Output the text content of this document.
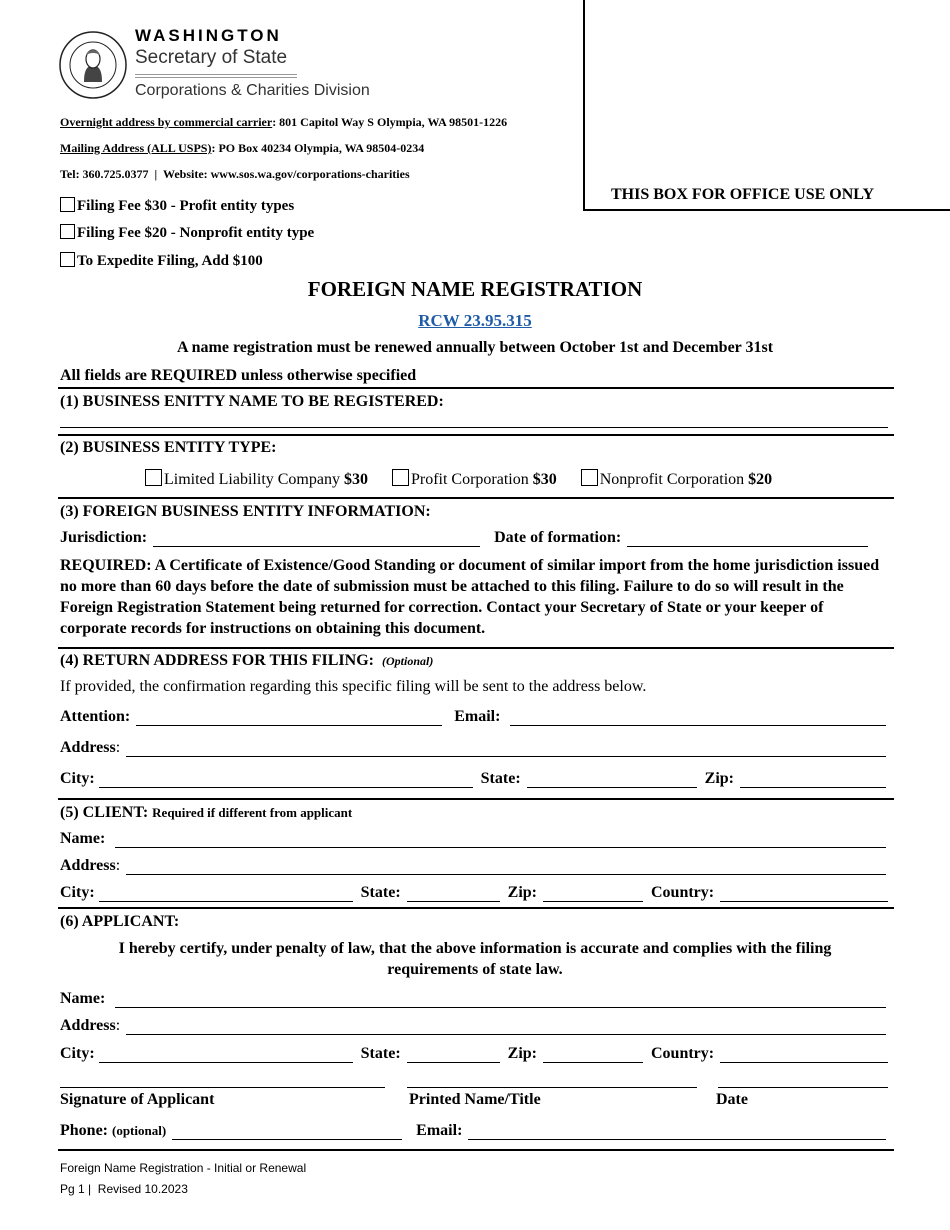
WASHINGTON
Secretary of State
Corporations & Charities Division
Overnight address by commercial carrier: 801 Capitol Way S Olympia, WA 98501-1226
Mailing Address (ALL USPS): PO Box 40234 Olympia, WA 98504-0234
Tel: 360.725.0377  |  Website: www.sos.wa.gov/corporations-charities
THIS BOX FOR OFFICE USE ONLY
Filing Fee $30 - Profit entity types
Filing Fee $20 - Nonprofit entity type
To Expedite Filing, Add $100
FOREIGN NAME REGISTRATION
RCW 23.95.315
A name registration must be renewed annually between October 1st and December 31st
All fields are REQUIRED unless otherwise specified
(1) BUSINESS ENITTY NAME TO BE REGISTERED:
(2) BUSINESS ENTITY TYPE:
Limited Liability Company $30	Profit Corporation $30	Nonprofit Corporation $20
(3) FOREIGN BUSINESS ENTITY INFORMATION:
Jurisdiction:	Date of formation:
REQUIRED: A Certificate of Existence/Good Standing or document of similar import from the home jurisdiction issued no more than 60 days before the date of submission must be attached to this filing. Failure to do so will result in the Foreign Registration Statement being returned for correction. Contact your Secretary of State or your keeper of corporate records for instructions on obtaining this document.
(4) RETURN ADDRESS FOR THIS FILING: (Optional)
If provided, the confirmation regarding this specific filing will be sent to the address below.
Attention:	Email:
Address:
City:	State:	Zip:
(5) CLIENT: Required if different from applicant
Name:
Address:
City:	State:	Zip:	Country:
(6) APPLICANT:
I hereby certify, under penalty of law, that the above information is accurate and complies with the filing requirements of state law.
Name:
Address:
City:	State:	Zip:	Country:
Signature of Applicant	Printed Name/Title	Date
Phone: (optional)	Email:
Foreign Name Registration - Initial or Renewal
Pg 1 |  Revised 10.2023
